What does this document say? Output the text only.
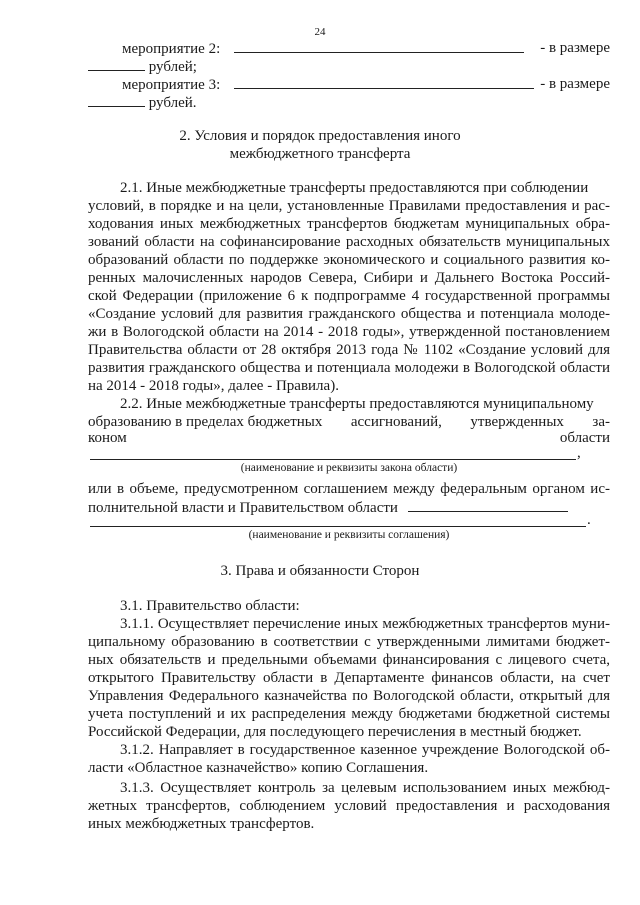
24
мероприятие 2:	- в размере
рублей;
мероприятие 3:	- в размере
рублей.
2. Условия и порядок предоставления иного
межбюджетного трансферта
2.1. Иные межбюджетные трансферты предоставляются при соблюдении
условий, в порядке и на цели, установленные Правилами предоставления и рас-
ходования иных межбюджетных трансфертов бюджетам муниципальных обра-
зований области на софинансирование расходных обязательств муниципальных
образований области по поддержке экономического и социального развития ко-
ренных малочисленных народов Севера, Сибири и Дальнего Востока Россий-
ской Федерации (приложение 6 к подпрограмме 4 государственной программы
«Создание условий для развития гражданского общества и потенциала молоде-
жи в Вологодской области на 2014 - 2018 годы», утвержденной постановлением
Правительства области от 28 октября 2013 года № 1102 «Создание условий для
развития гражданского общества и потенциала молодежи в Вологодской области
на 2014 - 2018 годы», далее - Правила).
2.2. Иные межбюджетные трансферты предоставляются муниципальному
образованию в пределах бюджетных ассигнований, утвержденных за-
коном	области
,
(наименование и реквизиты закона области)
или в объеме, предусмотренном соглашением между федеральным органом ис-
полнительной власти и Правительством области
.
(наименование и реквизиты соглашения)
3. Права и обязанности Сторон
3.1. Правительство области:
3.1.1. Осуществляет перечисление иных межбюджетных трансфертов муни-
ципальному образованию в соответствии с утвержденными лимитами бюджет-
ных обязательств и предельными объемами финансирования с лицевого счета,
открытого Правительству области в Департаменте финансов области, на счет
Управления Федерального казначейства по Вологодской области, открытый для
учета поступлений и их распределения между бюджетами бюджетной системы
Российской Федерации, для последующего перечисления в местный бюджет.
3.1.2. Направляет в государственное казенное учреждение Вологодской об-
ласти «Областное казначейство» копию Соглашения.
3.1.3. Осуществляет контроль за целевым использованием иных межбюд-
жетных трансфертов, соблюдением условий предоставления и расходования
иных межбюджетных трансфертов.
